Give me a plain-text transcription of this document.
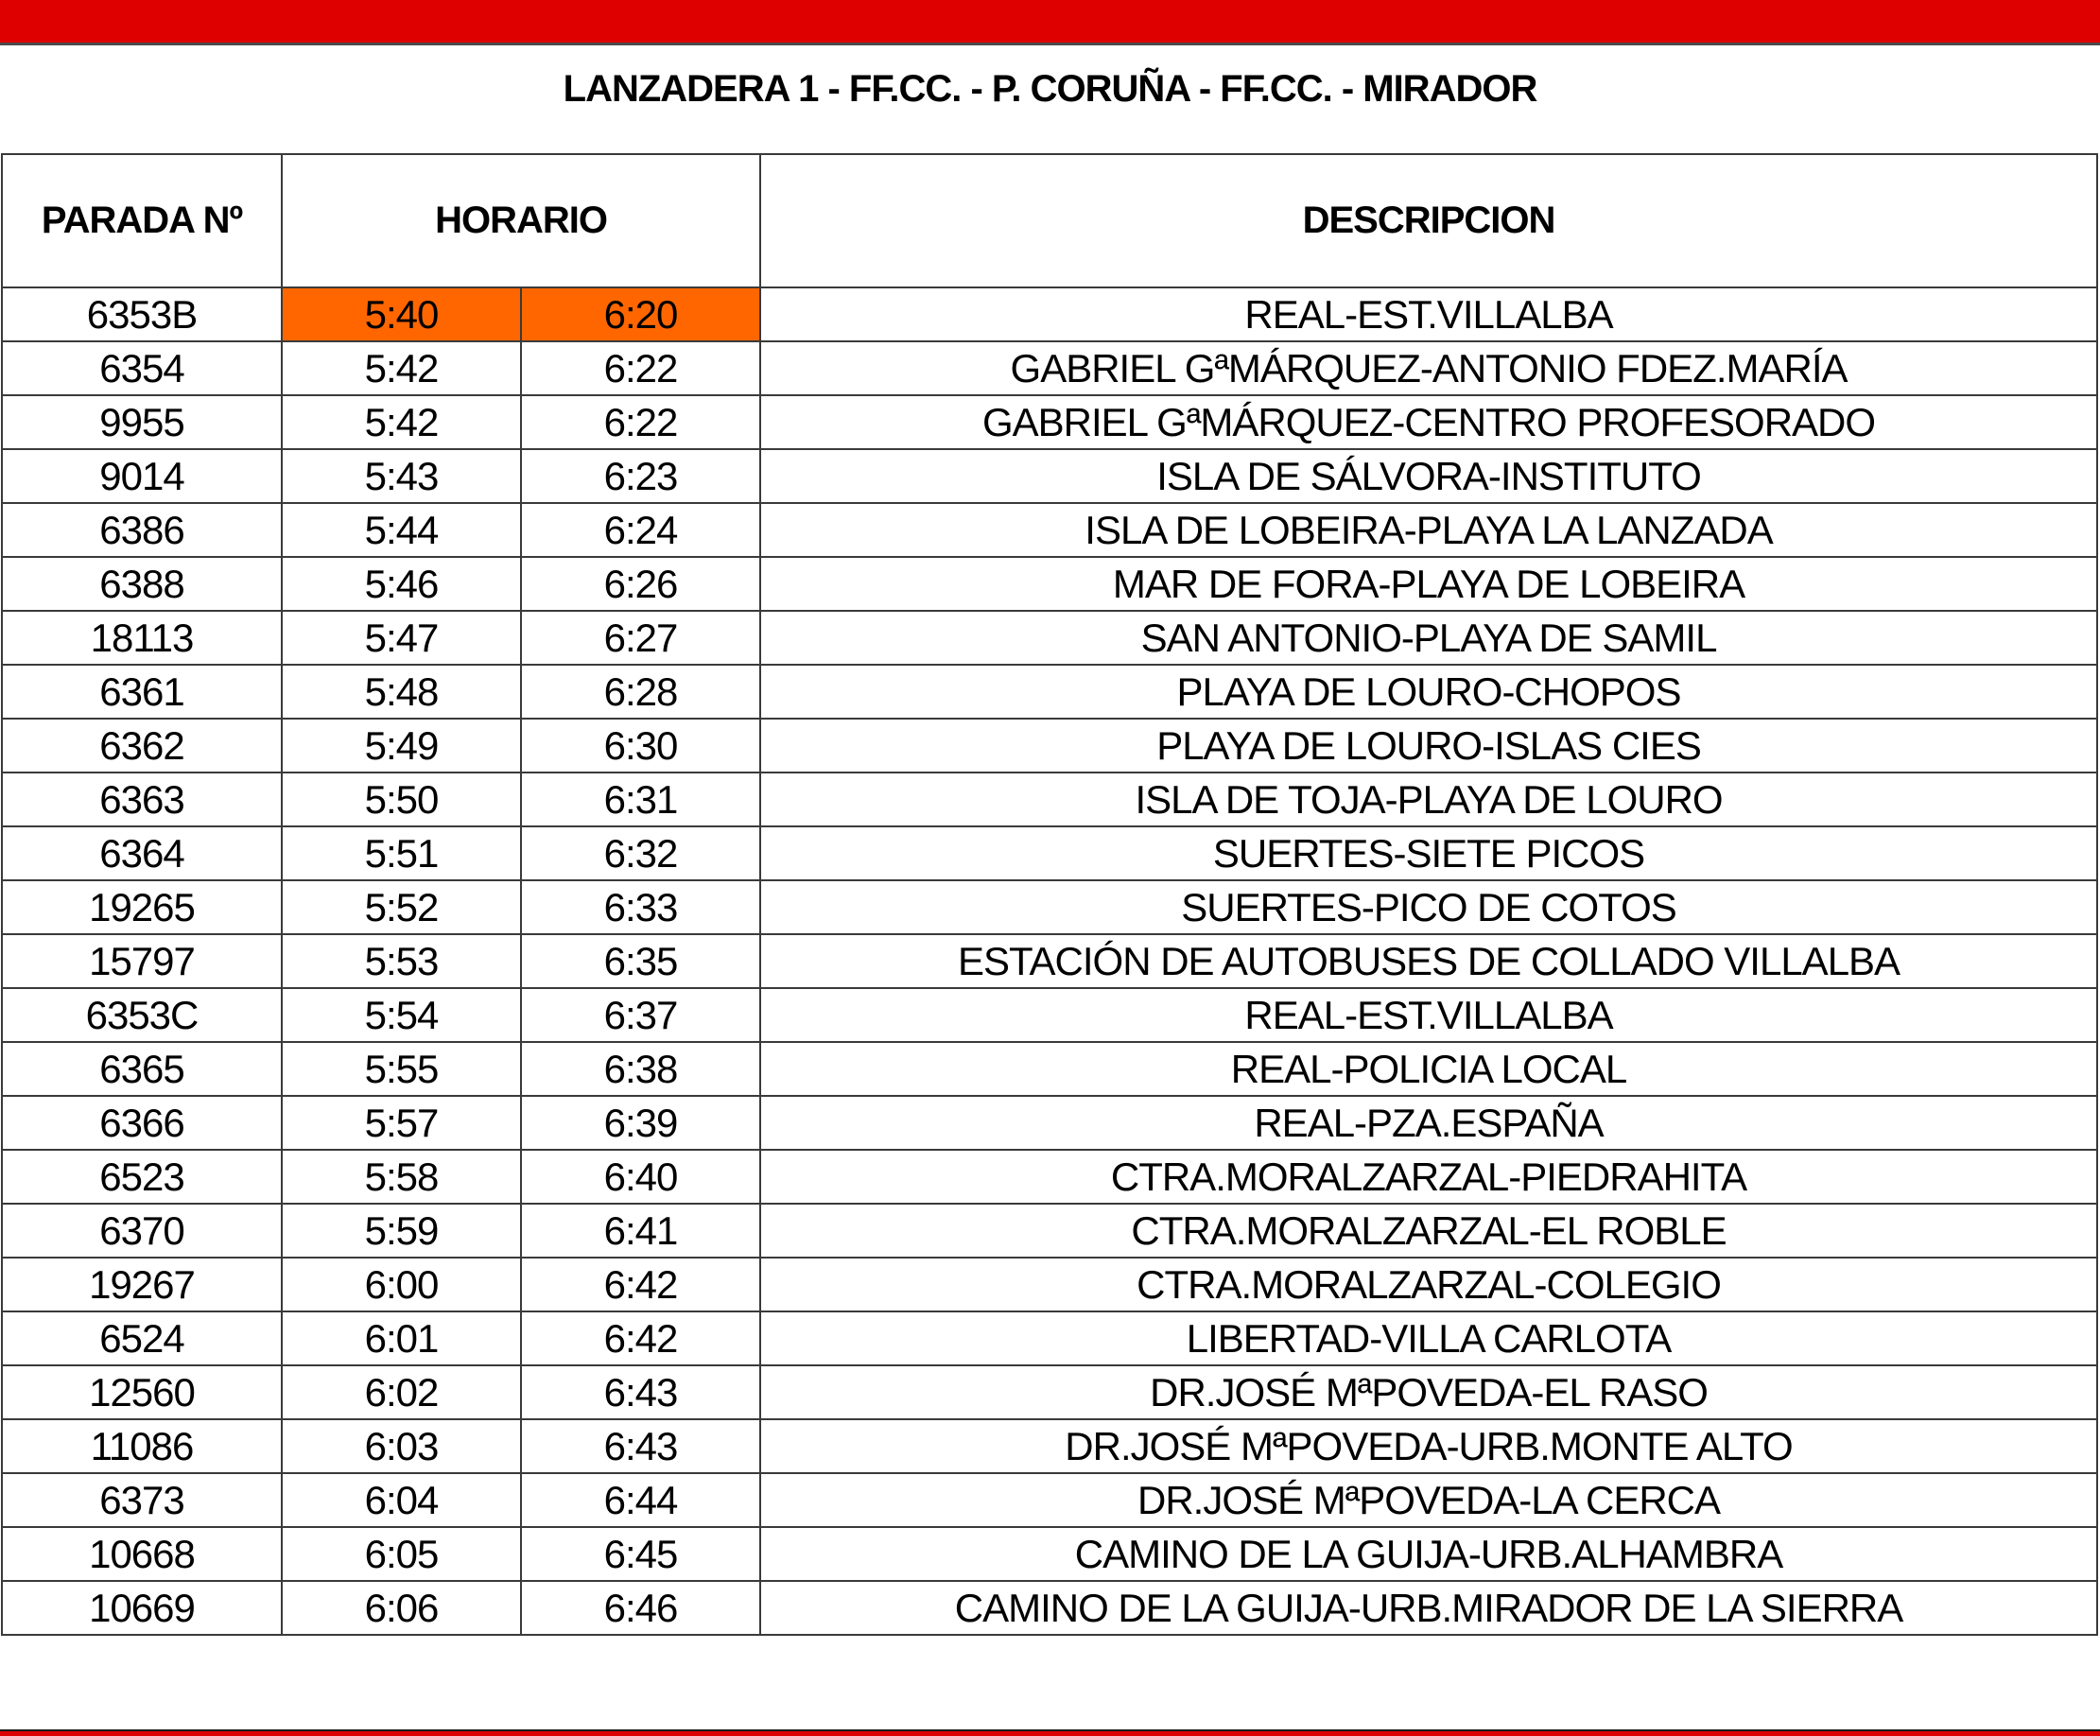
LANZADERA 1 - FF.CC. - P. CORUÑA - FF.CC. - MIRADOR
PARADA Nº	HORARIO		DESCRIPCION
6353B	5:40	6:20	REAL-EST.VILLALBA
6354	5:42	6:22	GABRIEL GªMÁRQUEZ-ANTONIO FDEZ.MARÍA
9955	5:42	6:22	GABRIEL GªMÁRQUEZ-CENTRO PROFESORADO
9014	5:43	6:23	ISLA DE SÁLVORA-INSTITUTO
6386	5:44	6:24	ISLA DE LOBEIRA-PLAYA LA LANZADA
6388	5:46	6:26	MAR DE FORA-PLAYA DE LOBEIRA
18113	5:47	6:27	SAN ANTONIO-PLAYA DE SAMIL
6361	5:48	6:28	PLAYA DE LOURO-CHOPOS
6362	5:49	6:30	PLAYA DE LOURO-ISLAS CIES
6363	5:50	6:31	ISLA DE TOJA-PLAYA DE LOURO
6364	5:51	6:32	SUERTES-SIETE PICOS
19265	5:52	6:33	SUERTES-PICO DE COTOS
15797	5:53	6:35	ESTACIÓN DE AUTOBUSES DE COLLADO VILLALBA
6353C	5:54	6:37	REAL-EST.VILLALBA
6365	5:55	6:38	REAL-POLICIA LOCAL
6366	5:57	6:39	REAL-PZA.ESPAÑA
6523	5:58	6:40	CTRA.MORALZARZAL-PIEDRAHITA
6370	5:59	6:41	CTRA.MORALZARZAL-EL ROBLE
19267	6:00	6:42	CTRA.MORALZARZAL-COLEGIO
6524	6:01	6:42	LIBERTAD-VILLA CARLOTA
12560	6:02	6:43	DR.JOSÉ MªPOVEDA-EL RASO
11086	6:03	6:43	DR.JOSÉ MªPOVEDA-URB.MONTE ALTO
6373	6:04	6:44	DR.JOSÉ MªPOVEDA-LA CERCA
10668	6:05	6:45	CAMINO DE LA GUIJA-URB.ALHAMBRA
10669	6:06	6:46	CAMINO DE LA GUIJA-URB.MIRADOR DE LA SIERRA
